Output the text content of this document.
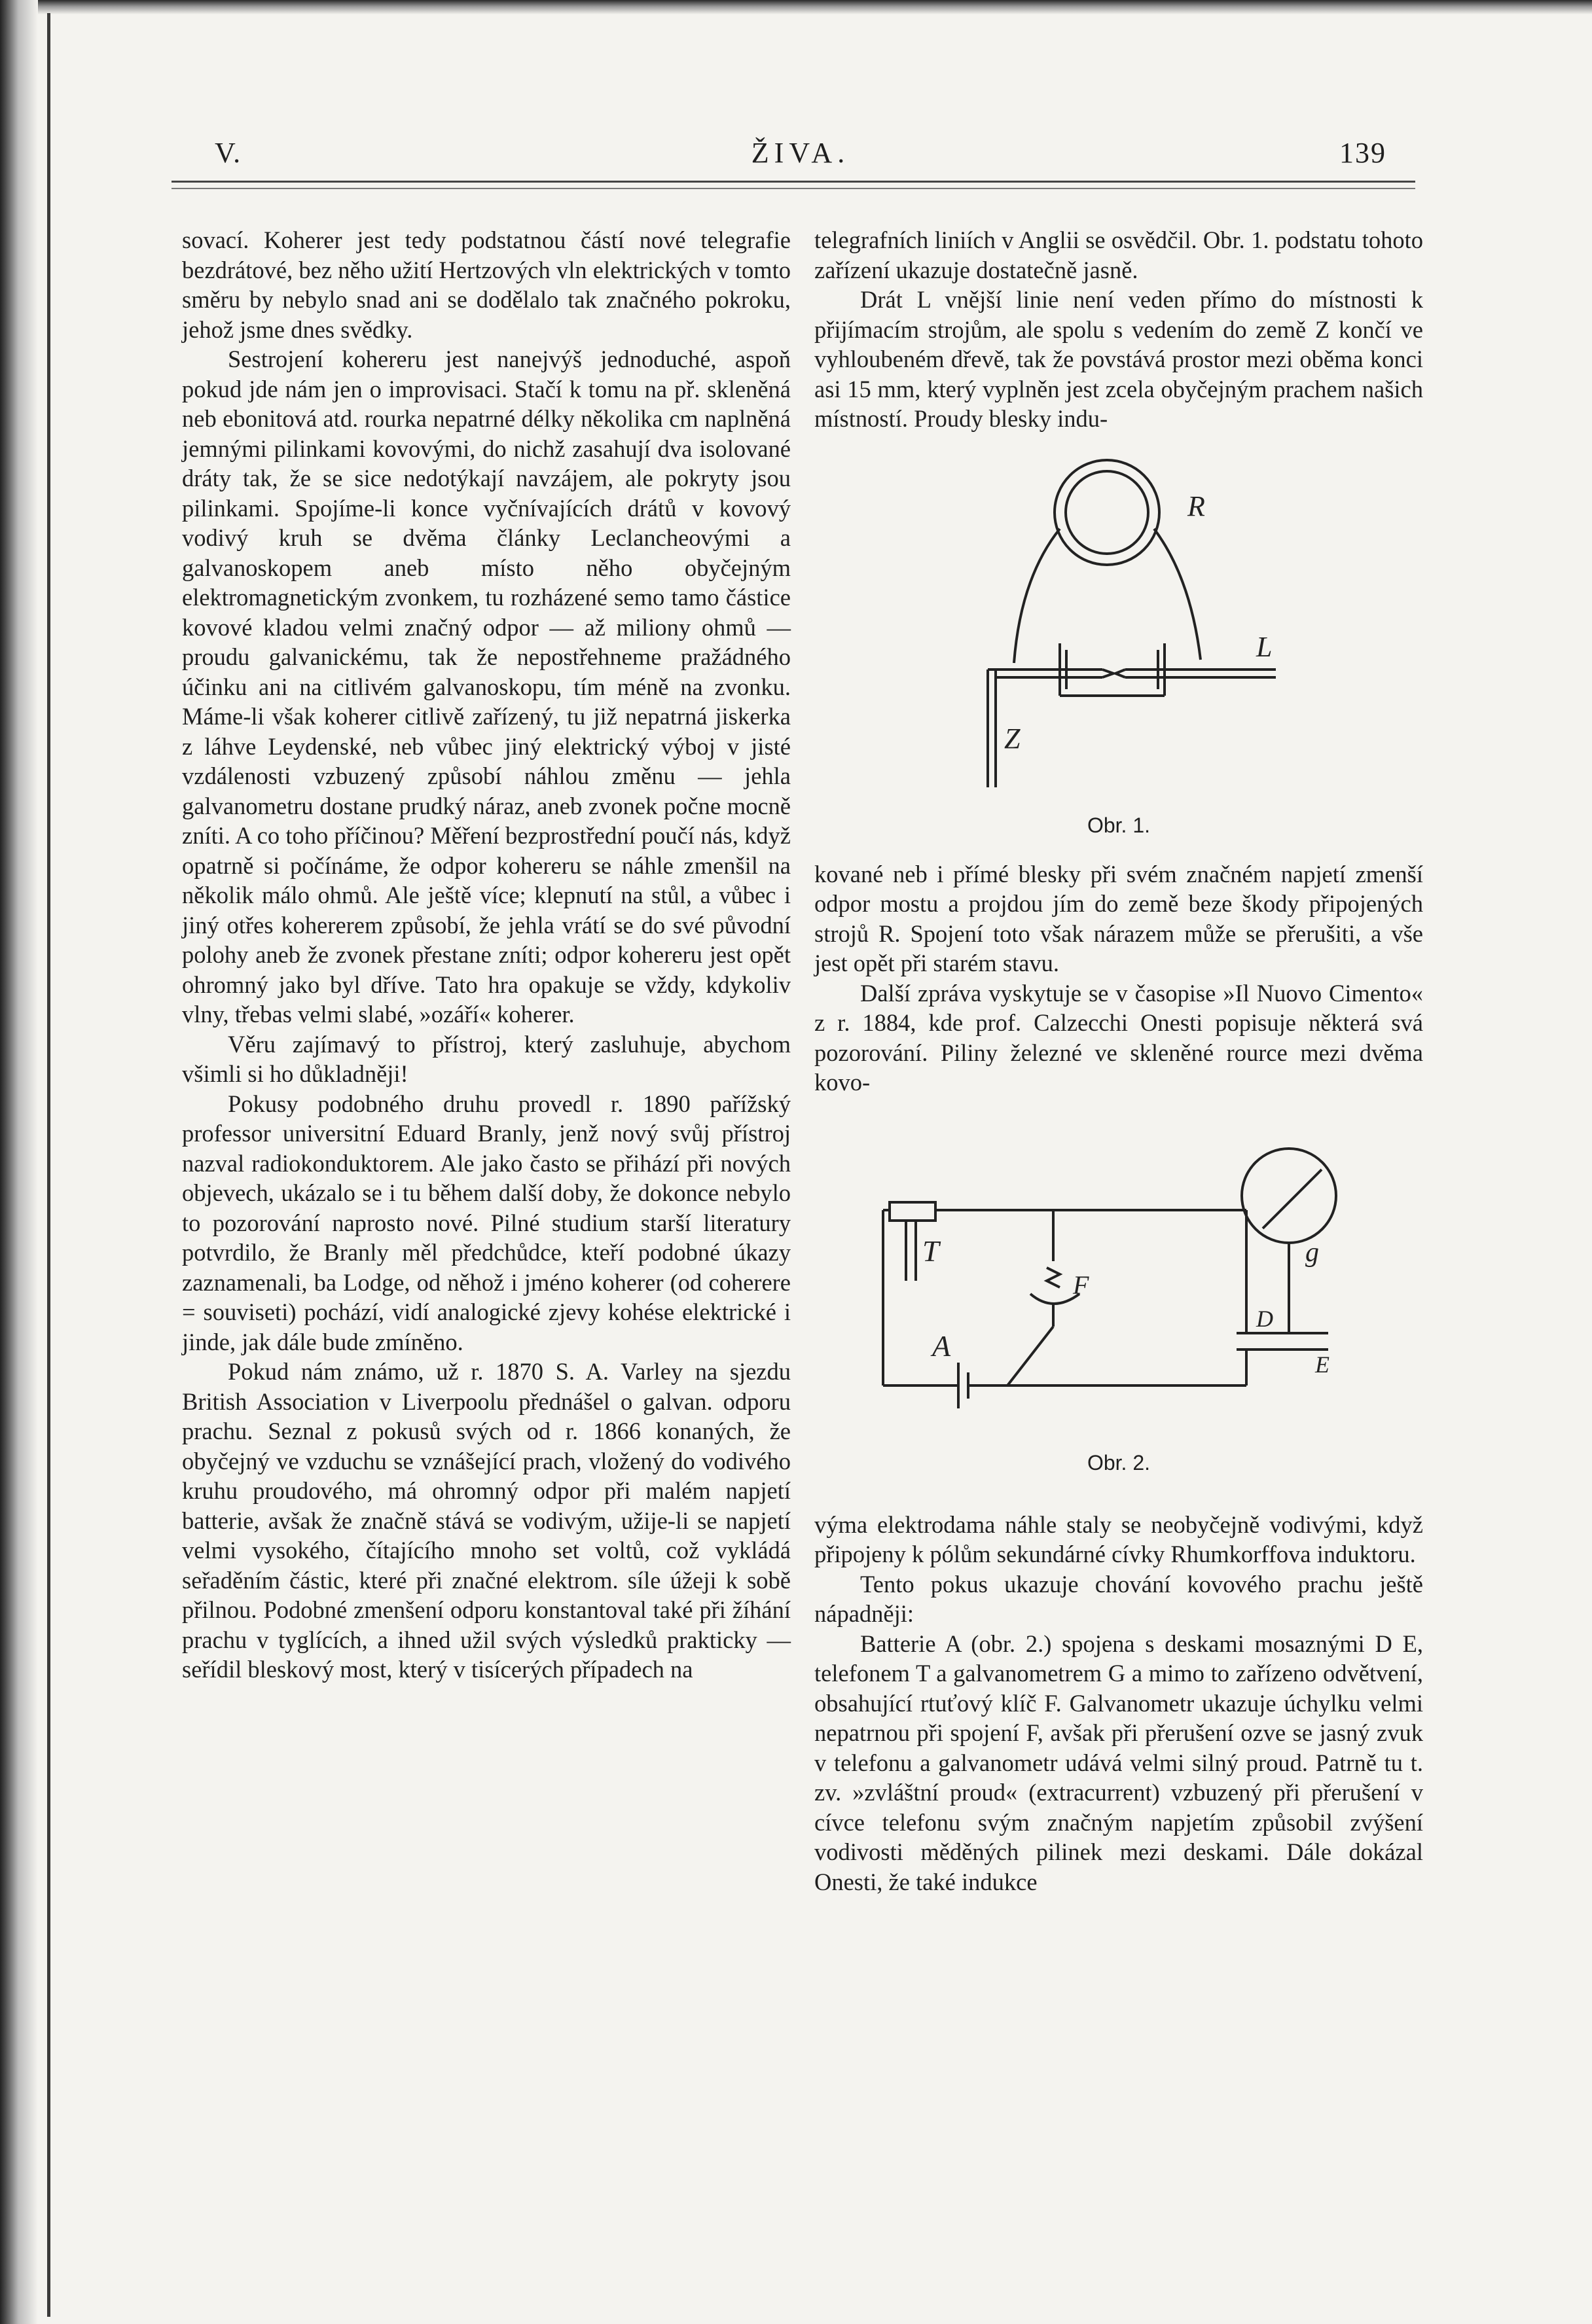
V.	ŽIVA.	139

sovací. Koherer jest tedy podstatnou částí nové telegrafie bezdrátové, bez něho užití Hertzových vln elektrických v tomto směru by nebylo snad ani se dodělalo tak značného pokroku, jehož jsme dnes svědky.

Sestrojení kohereru jest nanejvýš jednoduché, aspoň pokud jde nám jen o improvisaci. Stačí k tomu na př. skleněná neb ebonitová atd. rourka nepatrné délky několika cm naplněná jemnými pilinkami kovovými, do nichž zasahují dva isolované dráty tak, že se sice nedotýkají navzájem, ale pokryty jsou pilinkami. Spojíme-li konce vyčnívajících drátů v kovový vodivý kruh se dvěma články Leclancheovými a galvanoskopem aneb místo něho obyčejným elektromagnetickým zvonkem, tu rozházené semo tamo částice kovové kladou velmi značný odpor — až miliony ohmů — proudu galvanickému, tak že nepostřehneme pražádného účinku ani na citlivém galvanoskopu, tím méně na zvonku. Máme-li však koherer citlivě zařízený, tu již nepatrná jiskerka z láhve Leydenské, neb vůbec jiný elektrický výboj v jisté vzdálenosti vzbuzený způsobí náhlou změnu — jehla galvanometru dostane prudký náraz, aneb zvonek počne mocně zníti. A co toho příčinou? Měření bezprostřední poučí nás, když opatrně si počínáme, že odpor kohereru se náhle zmenšil na několik málo ohmů. Ale ještě více; klepnutí na stůl, a vůbec i jiný otřes kohererem způsobí, že jehla vrátí se do své původní polohy aneb že zvonek přestane zníti; odpor kohereru jest opět ohromný jako byl dříve. Tato hra opakuje se vždy, kdykoliv vlny, třebas velmi slabé, »ozáří« koherer.

Věru zajímavý to přístroj, který zasluhuje, abychom všimli si ho důkladněji!

Pokusy podobného druhu provedl r. 1890 pařížský professor universitní Eduard Branly, jenž nový svůj přístroj nazval radiokonduktorem. Ale jako často se přihází při nových objevech, ukázalo se i tu během další doby, že dokonce nebylo to pozorování naprosto nové. Pilné studium starší literatury potvrdilo, že Branly měl předchůdce, kteří podobné úkazy zaznamenali, ba Lodge, od něhož i jméno koherer (od coherere = souviseti) pochází, vidí analogické zjevy kohése elektrické i jinde, jak dále bude zmíněno.

Pokud nám známo, už r. 1870 S. A. Varley na sjezdu British Association v Liverpoolu přednášel o galvan. odporu prachu. Seznal z pokusů svých od r. 1866 konaných, že obyčejný ve vzduchu se vznášející prach, vložený do vodivého kruhu proudového, má ohromný odpor při malém napjetí batterie, avšak že značně stává se vodivým, užije-li se napjetí velmi vysokého, čítajícího mnoho set voltů, což vykládá seřaděním částic, které při značné elektrom. síle úžeji k sobě přilnou. Podobné zmenšení odporu konstantoval také při žíhání prachu v tyglících, a ihned užil svých výsledků prakticky — seřídil bleskový most, který v tisícerých případech na

telegrafních liniích v Anglii se osvědčil. Obr. 1. podstatu tohoto zařízení ukazuje dostatečně jasně.

Drát L vnější linie není veden přímo do místnosti k přijímacím strojům, ale spolu s vedením do země Z končí ve vyhloubeném dřevě, tak že povstává prostor mezi oběma konci asi 15 mm, který vyplněn jest zcela obyčejným prachem našich místností. Proudy blesky indu-

R
L
Z
Obr. 1.

kované neb i přímé blesky při svém značném napjetí zmenší odpor mostu a projdou jím do země beze škody připojených strojů R. Spojení toto však nárazem může se přerušiti, a vše jest opět při starém stavu.

Další zpráva vyskytuje se v časopise »Il Nuovo Cimento« z r. 1884, kde prof. Calzecchi Onesti popisuje některá svá pozorování. Piliny železné ve skleněné rource mezi dvěma kovo-

T
F
A
g
D
E
Obr. 2.

výma elektrodama náhle staly se neobyčejně vodivými, když připojeny k pólům sekundárné cívky Rhumkorffova induktoru.

Tento pokus ukazuje chování kovového prachu ještě nápadněji:

Batterie A (obr. 2.) spojena s deskami mosaznými D E, telefonem T a galvanometrem G a mimo to zařízeno odvětvení, obsahující rtuťový klíč F. Galvanometr ukazuje úchylku velmi nepatrnou při spojení F, avšak při přerušení ozve se jasný zvuk v telefonu a galvanometr udává velmi silný proud. Patrně tu t. zv. »zvláštní proud« (extracurrent) vzbuzený při přerušení v cívce telefonu svým značným napjetím způsobil zvýšení vodivosti měděných pilinek mezi deskami. Dále dokázal Onesti, že také indukce
